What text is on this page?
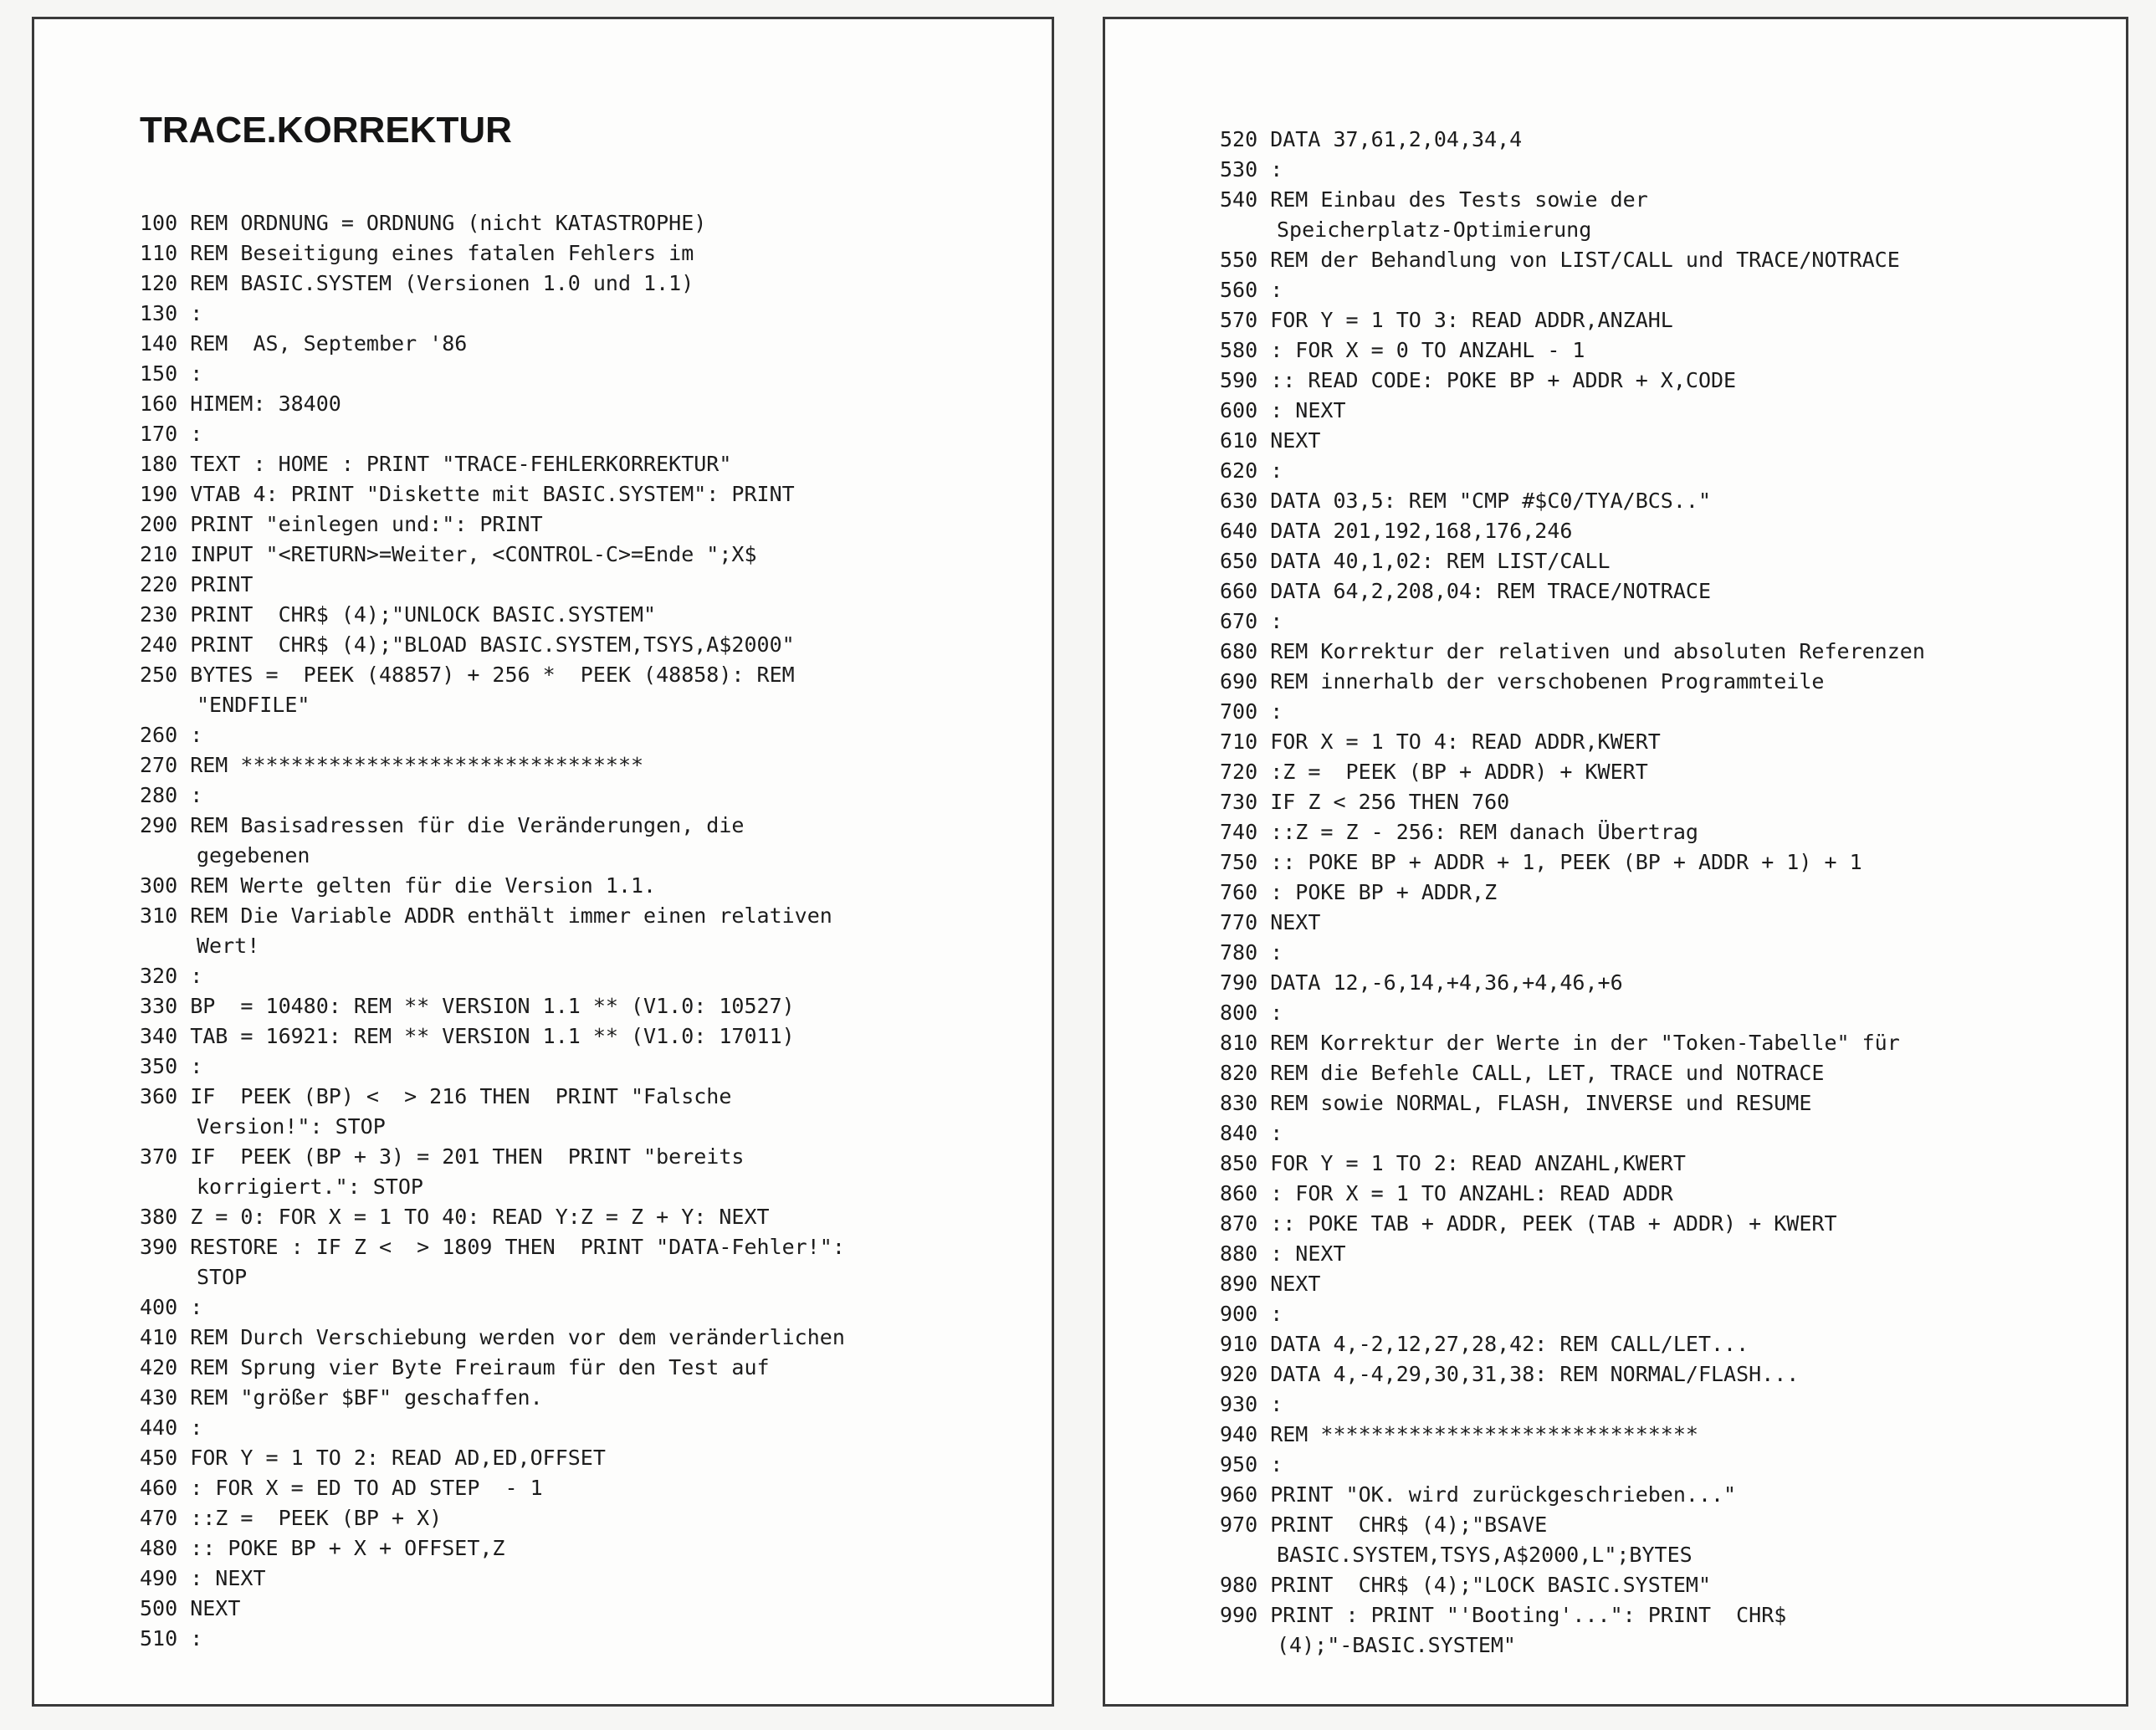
TRACE.KORREKTUR
100 REM ORDNUNG = ORDNUNG (nicht KATASTROPHE)
110 REM Beseitigung eines fatalen Fehlers im
120 REM BASIC.SYSTEM (Versionen 1.0 und 1.1)
130 :
140 REM  AS, September '86
150 :
160 HIMEM: 38400
170 :
180 TEXT : HOME : PRINT "TRACE-FEHLERKORREKTUR"
190 VTAB 4: PRINT "Diskette mit BASIC.SYSTEM": PRINT
200 PRINT "einlegen und:": PRINT
210 INPUT "<RETURN>=Weiter, <CONTROL-C>=Ende ";X$
220 PRINT
230 PRINT  CHR$ (4);"UNLOCK BASIC.SYSTEM"
240 PRINT  CHR$ (4);"BLOAD BASIC.SYSTEM,TSYS,A$2000"
250 BYTES =  PEEK (48857) + 256 *  PEEK (48858): REM
"ENDFILE"
260 :
270 REM ********************************
280 :
290 REM Basisadressen für die Veränderungen, die
gegebenen
300 REM Werte gelten für die Version 1.1.
310 REM Die Variable ADDR enthält immer einen relativen
Wert!
320 :
330 BP  = 10480: REM ** VERSION 1.1 ** (V1.0: 10527)
340 TAB = 16921: REM ** VERSION 1.1 ** (V1.0: 17011)
350 :
360 IF  PEEK (BP) <  > 216 THEN  PRINT "Falsche
Version!": STOP
370 IF  PEEK (BP + 3) = 201 THEN  PRINT "bereits
korrigiert.": STOP
380 Z = 0: FOR X = 1 TO 40: READ Y:Z = Z + Y: NEXT
390 RESTORE : IF Z <  > 1809 THEN  PRINT "DATA-Fehler!":
STOP
400 :
410 REM Durch Verschiebung werden vor dem veränderlichen
420 REM Sprung vier Byte Freiraum für den Test auf
430 REM "größer $BF" geschaffen.
440 :
450 FOR Y = 1 TO 2: READ AD,ED,OFFSET
460 : FOR X = ED TO AD STEP  - 1
470 ::Z =  PEEK (BP + X)
480 :: POKE BP + X + OFFSET,Z
490 : NEXT
500 NEXT
510 :
520 DATA 37,61,2,04,34,4
530 :
540 REM Einbau des Tests sowie der
Speicherplatz-Optimierung
550 REM der Behandlung von LIST/CALL und TRACE/NOTRACE
560 :
570 FOR Y = 1 TO 3: READ ADDR,ANZAHL
580 : FOR X = 0 TO ANZAHL - 1
590 :: READ CODE: POKE BP + ADDR + X,CODE
600 : NEXT
610 NEXT
620 :
630 DATA 03,5: REM "CMP #$C0/TYA/BCS.."
640 DATA 201,192,168,176,246
650 DATA 40,1,02: REM LIST/CALL
660 DATA 64,2,208,04: REM TRACE/NOTRACE
670 :
680 REM Korrektur der relativen und absoluten Referenzen
690 REM innerhalb der verschobenen Programmteile
700 :
710 FOR X = 1 TO 4: READ ADDR,KWERT
720 :Z =  PEEK (BP + ADDR) + KWERT
730 IF Z < 256 THEN 760
740 ::Z = Z - 256: REM danach Übertrag
750 :: POKE BP + ADDR + 1, PEEK (BP + ADDR + 1) + 1
760 : POKE BP + ADDR,Z
770 NEXT
780 :
790 DATA 12,-6,14,+4,36,+4,46,+6
800 :
810 REM Korrektur der Werte in der "Token-Tabelle" für
820 REM die Befehle CALL, LET, TRACE und NOTRACE
830 REM sowie NORMAL, FLASH, INVERSE und RESUME
840 :
850 FOR Y = 1 TO 2: READ ANZAHL,KWERT
860 : FOR X = 1 TO ANZAHL: READ ADDR
870 :: POKE TAB + ADDR, PEEK (TAB + ADDR) + KWERT
880 : NEXT
890 NEXT
900 :
910 DATA 4,-2,12,27,28,42: REM CALL/LET...
920 DATA 4,-4,29,30,31,38: REM NORMAL/FLASH...
930 :
940 REM ******************************
950 :
960 PRINT "OK. wird zurückgeschrieben..."
970 PRINT  CHR$ (4);"BSAVE
BASIC.SYSTEM,TSYS,A$2000,L";BYTES
980 PRINT  CHR$ (4);"LOCK BASIC.SYSTEM"
990 PRINT : PRINT "'Booting'...": PRINT  CHR$
(4);"-BASIC.SYSTEM"
